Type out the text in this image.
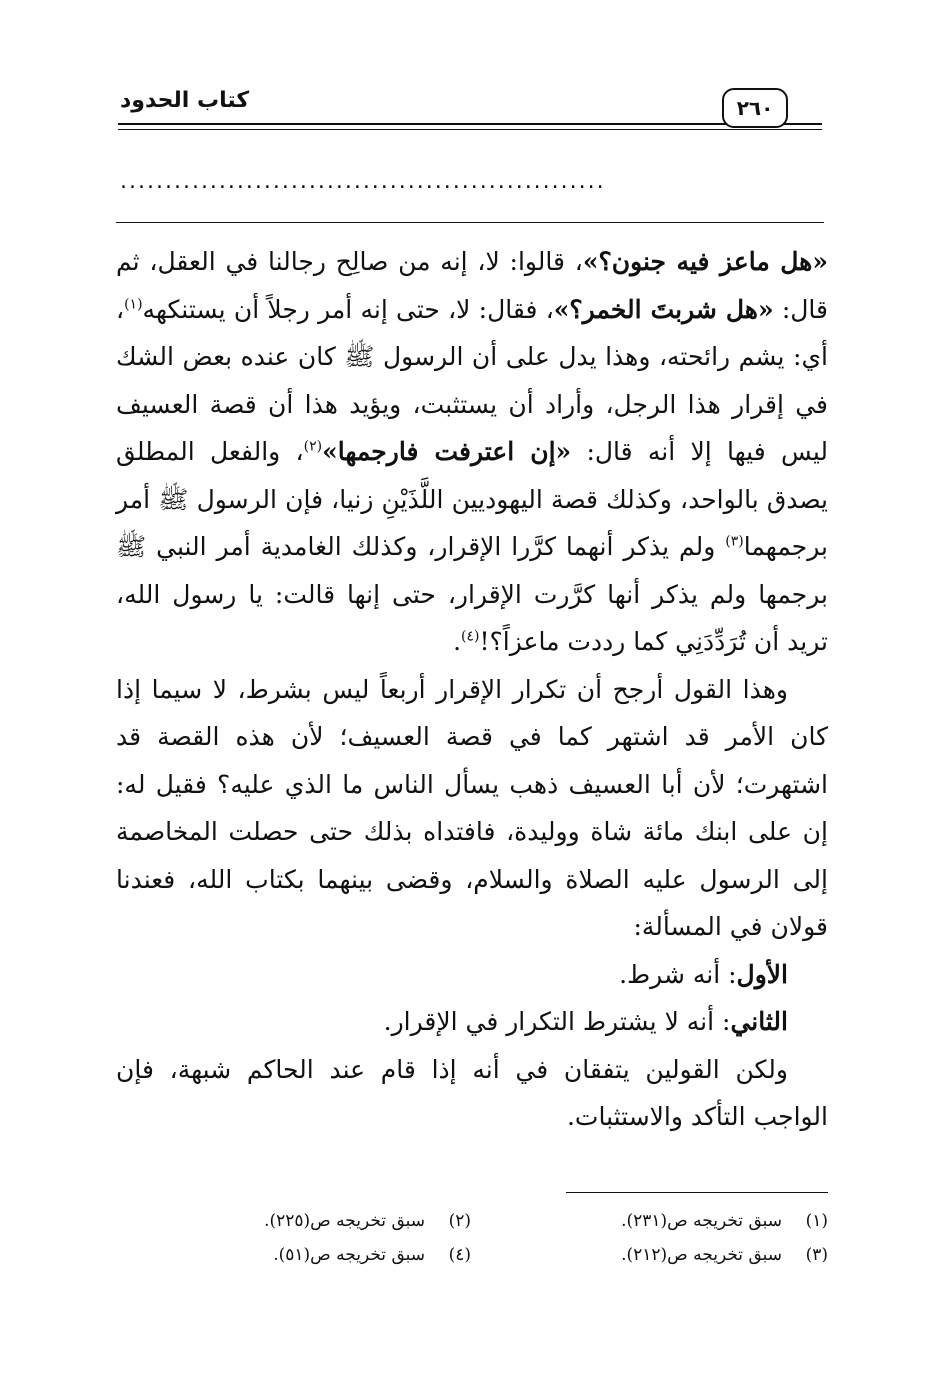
كتاب الحدود	٢٦٠
......................................................

«هل ماعز فيه جنون؟»، قالوا: لا، إنه من صالِح رجالنا في العقل، ثم قال: «هل شربتَ الخمر؟»، فقال: لا، حتى إنه أمر رجلاً أن يستنكهه$^{(١)}$، أي: يشم رائحته، وهذا يدل على أن الرسول ﷺ كان عنده بعض الشك في إقرار هذا الرجل، وأراد أن يستثبت، ويؤيد هذا أن قصة العسيف ليس فيها إلا أنه قال: «إن اعترفت فارجمها»$^{(٢)}$، والفعل المطلق يصدق بالواحد، وكذلك قصة اليهوديين اللَّذَيْنِ زنيا، فإن الرسول ﷺ أمر برجمهما$^{(٣)}$ ولم يذكر أنهما كرَّرا الإقرار، وكذلك الغامدية أمر النبي ﷺ برجمها ولم يذكر أنها كرَّرت الإقرار، حتى إنها قالت: يا رسول الله، تريد أن تُرَدِّدَنِي كما رددت ماعزاً؟!$^{(٤)}$.

وهذا القول أرجح أن تكرار الإقرار أربعاً ليس بشرط، لا سيما إذا كان الأمر قد اشتهر كما في قصة العسيف؛ لأن هذه القصة قد اشتهرت؛ لأن أبا العسيف ذهب يسأل الناس ما الذي عليه؟ فقيل له: إن على ابنك مائة شاة ووليدة، فافتداه بذلك حتى حصلت المخاصمة إلى الرسول عليه الصلاة والسلام، وقضى بينهما بكتاب الله، فعندنا قولان في المسألة:

الأول: أنه شرط.

الثاني: أنه لا يشترط التكرار في الإقرار.

ولكن القولين يتفقان في أنه إذا قام عند الحاكم شبهة، فإن الواجب التأكد والاستثبات.

(١)سبق تخريجه ص(٢٣١).
(٢)سبق تخريجه ص(٢٢٥).
(٣)سبق تخريجه ص(٢١٢).
(٤)سبق تخريجه ص(٥١).
